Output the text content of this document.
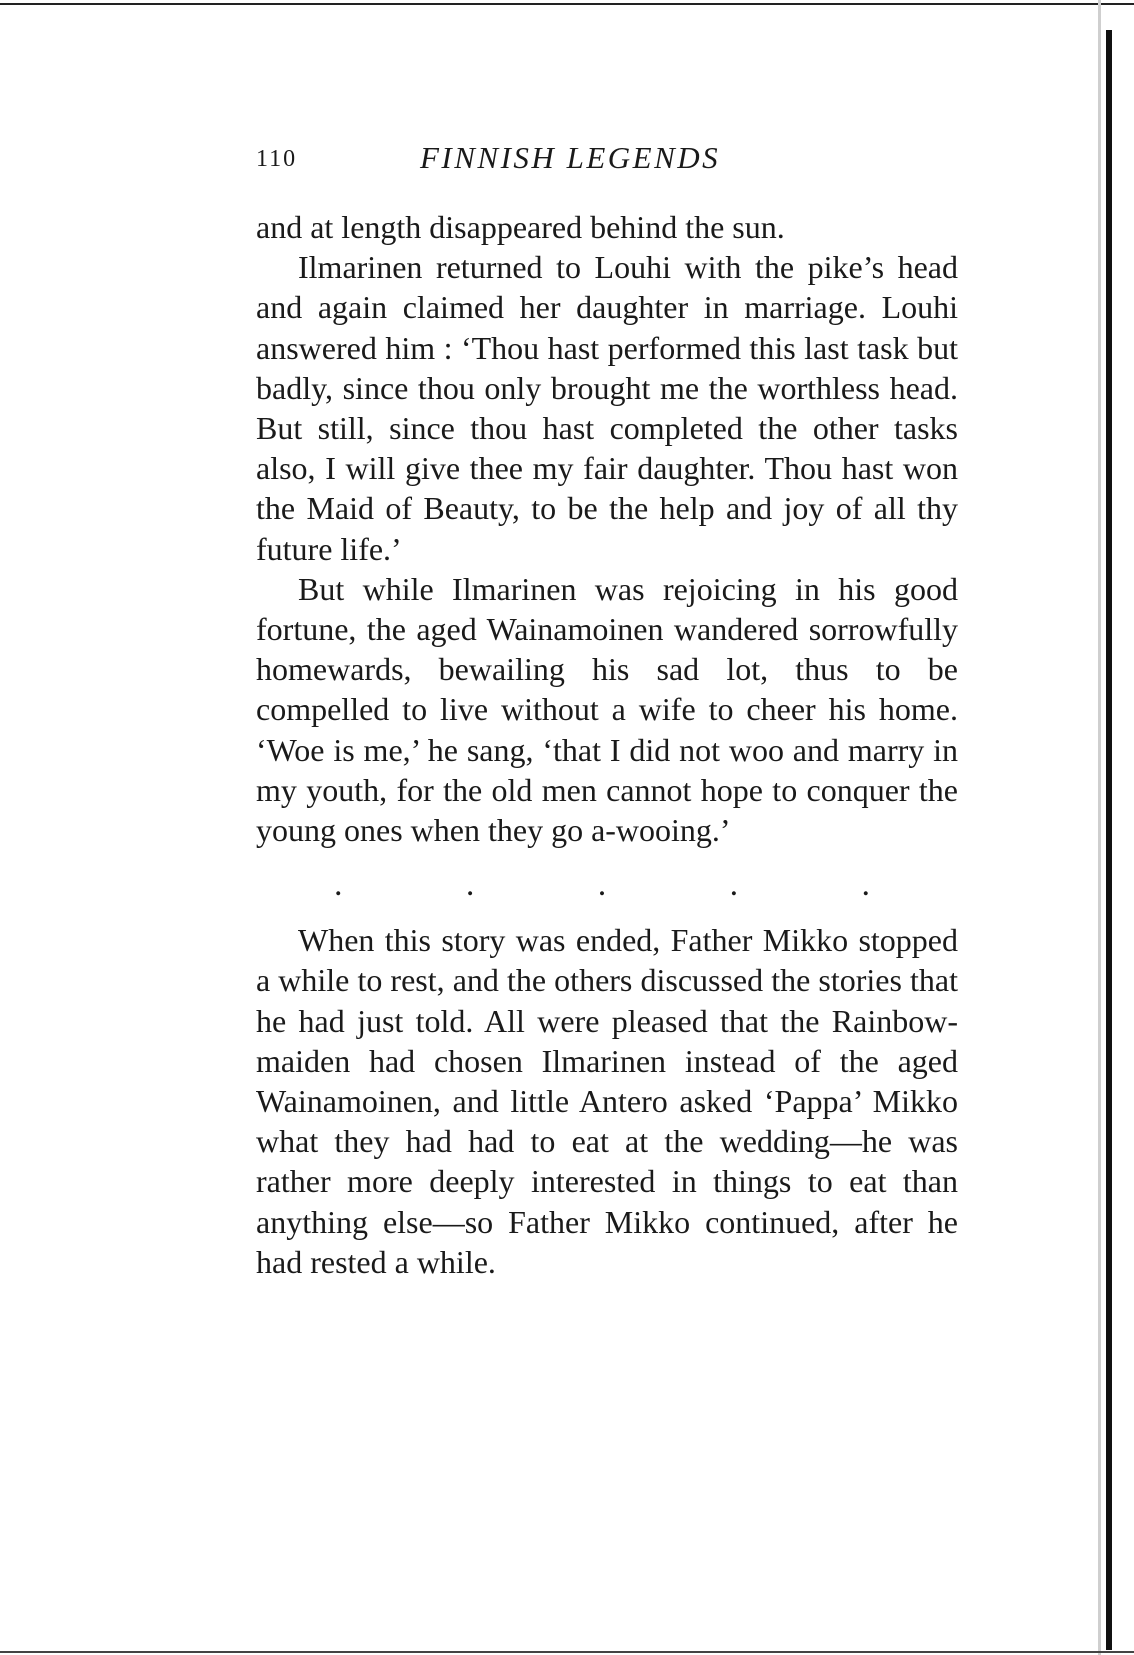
110	FINNISH LEGENDS

and at length disappeared behind the sun.

Ilmarinen returned to Louhi with the pike’s head and again claimed her daughter in marriage. Louhi answered him : ‘Thou hast performed this last task but badly, since thou only brought me the worthless head. But still, since thou hast completed the other tasks also, I will give thee my fair daughter. Thou hast won the Maid of Beauty, to be the help and joy of all thy future life.’

But while Ilmarinen was rejoicing in his good fortune, the aged Wainamoinen wandered sorrowfully homewards, bewailing his sad lot, thus to be compelled to live without a wife to cheer his home. ‘Woe is me,’ he sang, ‘that I did not woo and marry in my youth, for the old men cannot hope to conquer the young ones when they go a-wooing.’

.	.	.	.	.

When this story was ended, Father Mikko stopped a while to rest, and the others discussed the stories that he had just told. All were pleased that the Rainbow-maiden had chosen Ilmarinen instead of the aged Wainamoinen, and little Antero asked ‘Pappa’ Mikko what they had had to eat at the wedding—he was rather more deeply interested in things to eat than anything else—so Father Mikko continued, after he had rested a while.
